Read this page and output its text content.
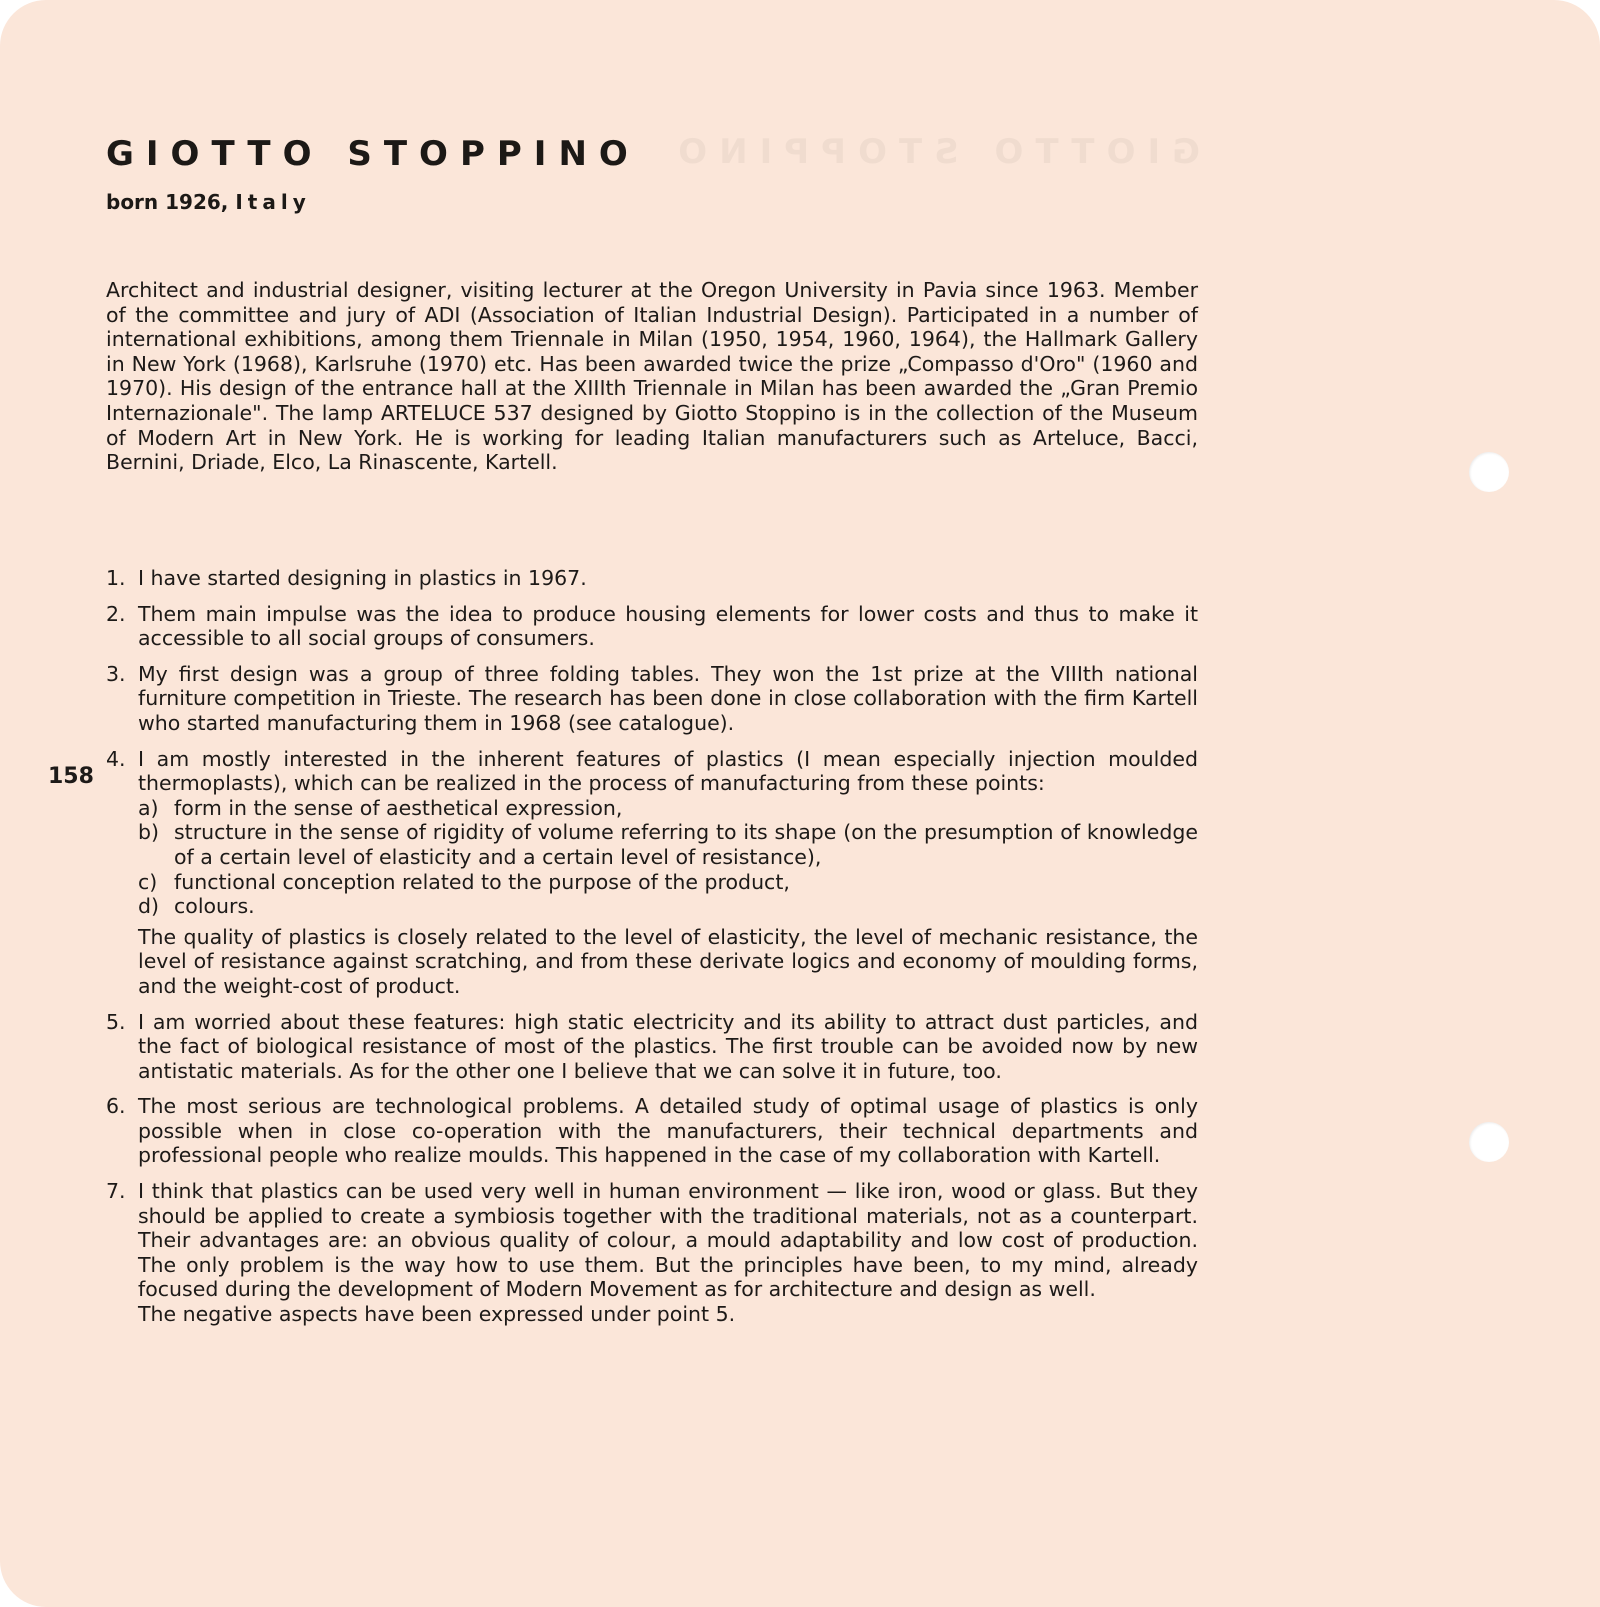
GIOTTO STOPPINO
born 1926, Italy

Architect and industrial designer, visiting lecturer at the Oregon University in Pavia since 1963. Member of the committee and jury of ADI (Association of Italian Industrial Design). Participated in a number of international exhibitions, among them Triennale in Milan (1950, 1954, 1960, 1964), the Hallmark Gallery in New York (1968), Karlsruhe (1970) etc. Has been awarded twice the prize „Compasso d'Oro" (1960 and 1970). His design of the entrance hall at the XIIIth Triennale in Milan has been awarded the „Gran Premio Internazionale". The lamp ARTELUCE 537 designed by Giotto Stoppino is in the collection of the Museum of Modern Art in New York. He is working for leading Italian manufacturers such as Arteluce, Bacci, Bernini, Driade, Elco, La Rinascente, Kartell.

158
1. I have started designing in plastics in 1967.
2. Them main impulse was the idea to produce housing elements for lower costs and thus to make it accessible to all social groups of consumers.
3. My first design was a group of three folding tables. They won the 1st prize at the VIIIth national furniture competition in Trieste. The research has been done in close collaboration with the firm Kartell who started manufacturing them in 1968 (see catalogue).
4. I am mostly interested in the inherent features of plastics (I mean especially injection moulded thermoplasts), which can be realized in the process of manufacturing from these points:
a) form in the sense of aesthetical expression,
b) structure in the sense of rigidity of volume referring to its shape (on the presumption of knowledge of a certain level of elasticity and a certain level of resistance),
c) functional conception related to the purpose of the product,
d) colours.
The quality of plastics is closely related to the level of elasticity, the level of mechanic resistance, the level of resistance against scratching, and from these derivate logics and economy of moulding forms, and the weight-cost of product.
5. I am worried about these features: high static electricity and its ability to attract dust particles, and the fact of biological resistance of most of the plastics. The first trouble can be avoided now by new antistatic materials. As for the other one I believe that we can solve it in future, too.
6. The most serious are technological problems. A detailed study of optimal usage of plastics is only possible when in close co-operation with the manufacturers, their technical departments and professional people who realize moulds. This happened in the case of my collaboration with Kartell.
7. I think that plastics can be used very well in human environment — like iron, wood or glass. But they should be applied to create a symbiosis together with the traditional materials, not as a counterpart. Their advantages are: an obvious quality of colour, a mould adaptability and low cost of production. The only problem is the way how to use them. But the principles have been, to my mind, already focused during the development of Modern Movement as for architecture and design as well.
The negative aspects have been expressed under point 5.
